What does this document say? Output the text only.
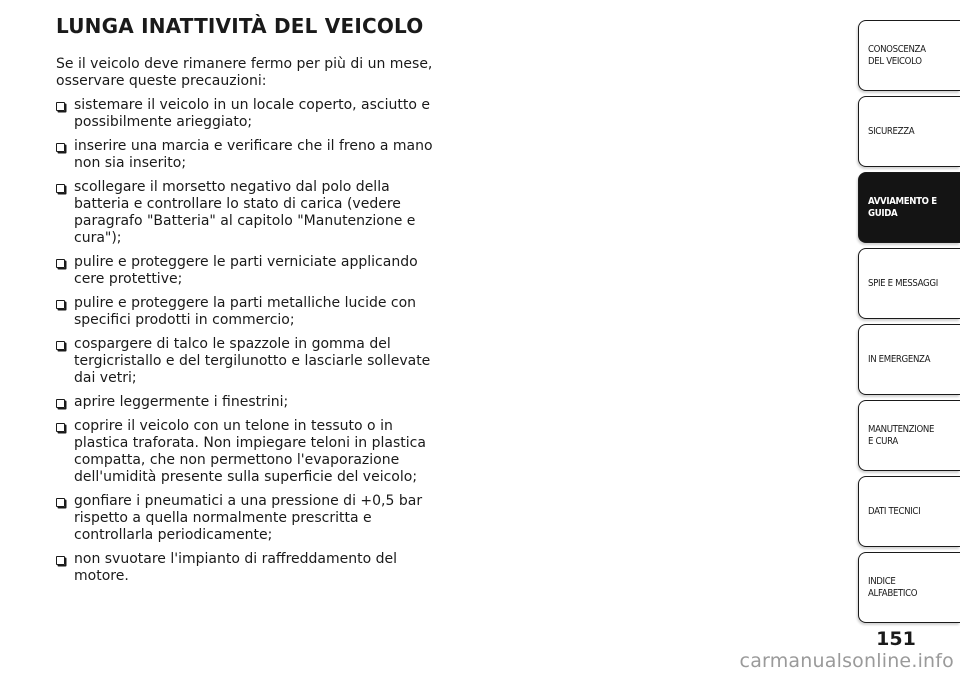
LUNGA INATTIVITÀ DEL VEICOLO

Se il veicolo deve rimanere fermo per più di un mese, osservare queste precauzioni:

sistemare il veicolo in un locale coperto, asciutto e possibilmente arieggiato;
inserire una marcia e verificare che il freno a mano non sia inserito;
scollegare il morsetto negativo dal polo della batteria e controllare lo stato di carica (vedere paragrafo "Batteria" al capitolo "Manutenzione e cura");
pulire e proteggere le parti verniciate applicando cere protettive;
pulire e proteggere la parti metalliche lucide con specifici prodotti in commercio;
cospargere di talco le spazzole in gomma del tergicristallo e del tergilunotto e lasciarle sollevate dai vetri;
aprire leggermente i finestrini;
coprire il veicolo con un telone in tessuto o in plastica traforata. Non impiegare teloni in plastica compatta, che non permettono l'evaporazione dell'umidità presente sulla superficie del veicolo;
gonfiare i pneumatici a una pressione di +0,5 bar rispetto a quella normalmente prescritta e controllarla periodicamente;
non svuotare l'impianto di raffreddamento del motore.
CONOSCENZA DEL VEICOLO
SICUREZZA
AVVIAMENTO E GUIDA
SPIE E MESSAGGI
IN EMERGENZA
MANUTENZIONE E CURA
DATI TECNICI
INDICE ALFABETICO
151
carmanualsonline.info
